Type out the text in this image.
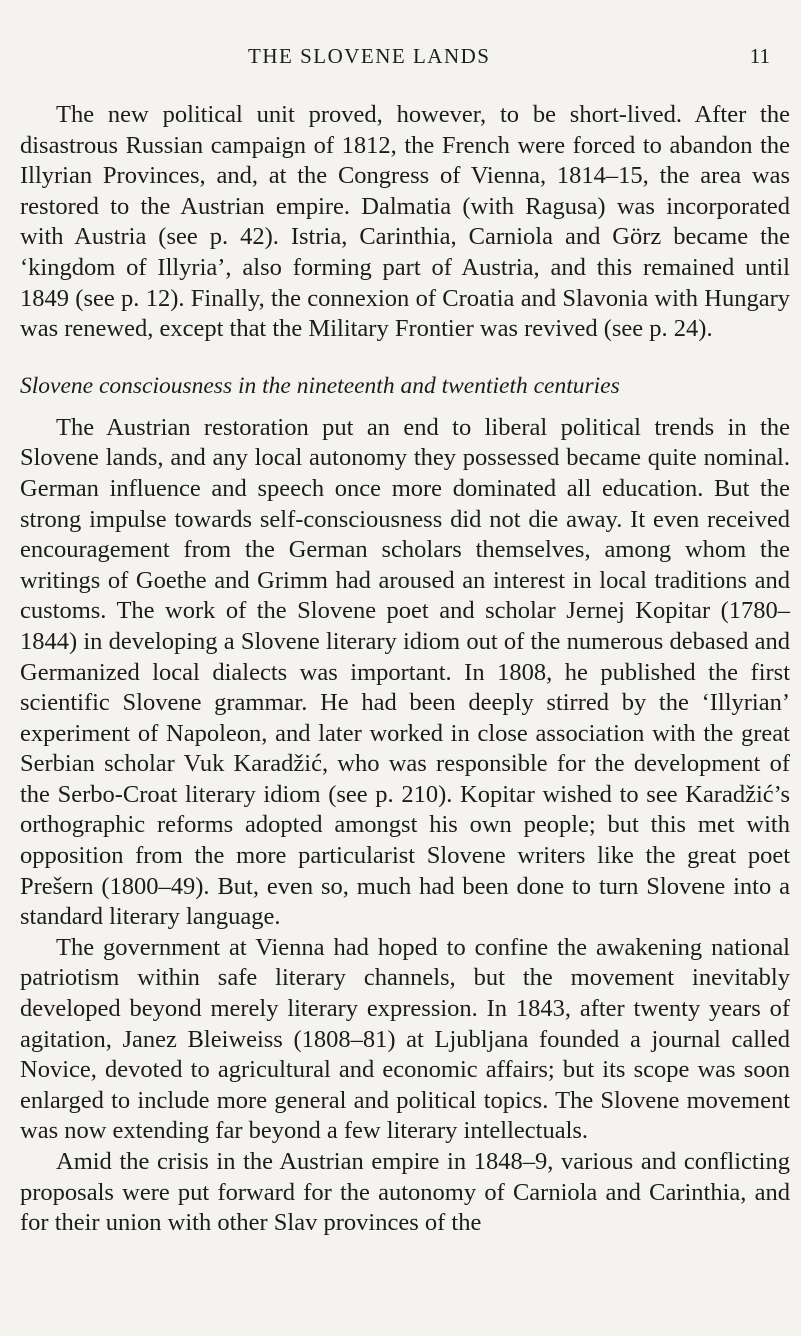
THE SLOVENE LANDS	11

The new political unit proved, however, to be short-lived. After the disastrous Russian campaign of 1812, the French were forced to abandon the Illyrian Provinces, and, at the Congress of Vienna, 1814–15, the area was restored to the Austrian empire. Dalmatia (with Ragusa) was incorporated with Austria (see p. 42). Istria, Carinthia, Carniola and Görz became the ‘kingdom of Illyria’, also forming part of Austria, and this remained until 1849 (see p. 12). Finally, the connexion of Croatia and Slavonia with Hungary was renewed, except that the Military Frontier was revived (see p. 24).

Slovene consciousness in the nineteenth and twentieth centuries

The Austrian restoration put an end to liberal political trends in the Slovene lands, and any local autonomy they possessed became quite nominal. German influence and speech once more dominated all education. But the strong impulse towards self-consciousness did not die away. It even received encouragement from the German scholars themselves, among whom the writings of Goethe and Grimm had aroused an interest in local traditions and customs. The work of the Slovene poet and scholar Jernej Kopitar (1780–1844) in developing a Slovene literary idiom out of the numerous debased and Germanized local dialects was important. In 1808, he published the first scientific Slovene grammar. He had been deeply stirred by the ‘Illyrian’ experiment of Napoleon, and later worked in close association with the great Serbian scholar Vuk Karadžić, who was responsible for the development of the Serbo-Croat literary idiom (see p. 210). Kopitar wished to see Karadžić’s orthographic reforms adopted amongst his own people; but this met with opposition from the more particularist Slovene writers like the great poet Prešern (1800–49). But, even so, much had been done to turn Slovene into a standard literary language.

The government at Vienna had hoped to confine the awakening national patriotism within safe literary channels, but the movement inevitably developed beyond merely literary expression. In 1843, after twenty years of agitation, Janez Bleiweiss (1808–81) at Ljubljana founded a journal called Novice, devoted to agricultural and economic affairs; but its scope was soon enlarged to include more general and political topics. The Slovene movement was now extending far beyond a few literary intellectuals.

Amid the crisis in the Austrian empire in 1848–9, various and conflicting proposals were put forward for the autonomy of Carniola and Carinthia, and for their union with other Slav provinces of the
